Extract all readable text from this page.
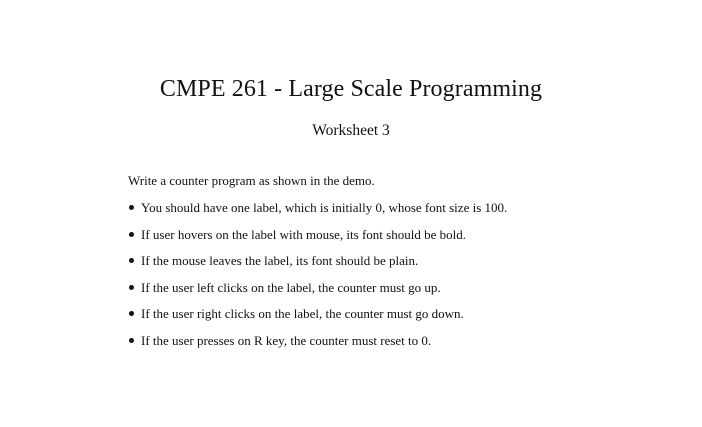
CMPE 261 - Large Scale Programming
Worksheet 3
Write a counter program as shown in the demo.
You should have one label, which is initially 0, whose font size is 100.
If user hovers on the label with mouse, its font should be bold.
If the mouse leaves the label, its font should be plain.
If the user left clicks on the label, the counter must go up.
If the user right clicks on the label, the counter must go down.
If the user presses on R key, the counter must reset to 0.
